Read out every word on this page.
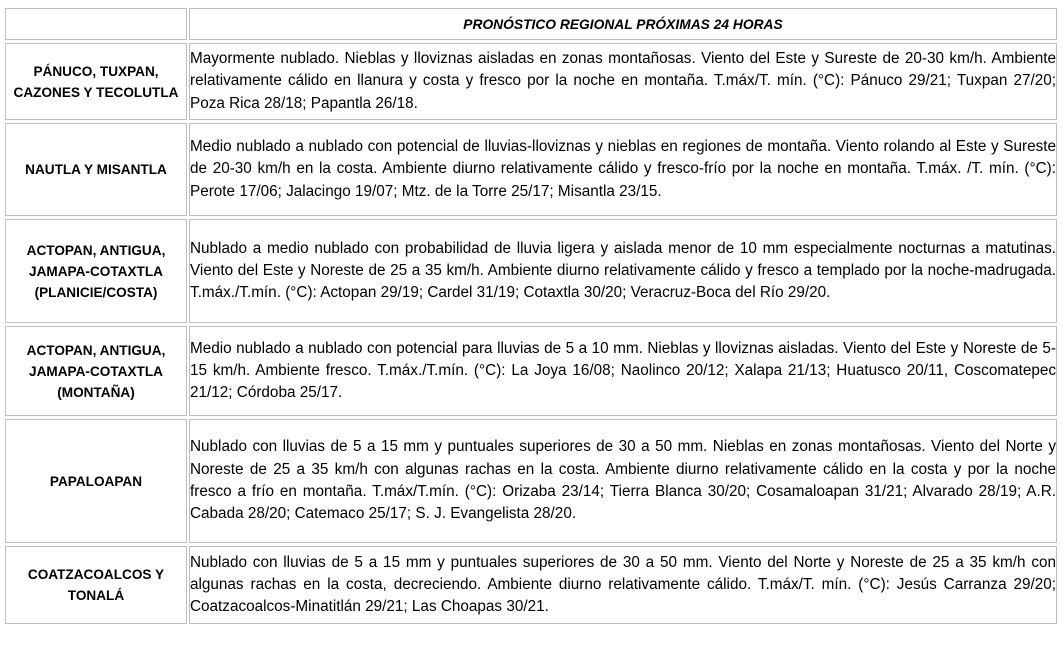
	PRONÓSTICO REGIONAL PRÓXIMAS 24 HORAS
PÁNUCO, TUXPAN, CAZONES Y TECOLUTLA	Mayormente nublado. Nieblas y lloviznas aisladas en zonas montañosas. Viento del Este y Sureste de 20-30 km/h. Ambiente relativamente cálido en llanura y costa y fresco por la noche en montaña. T.máx/T. mín. (°C): Pánuco 29/21; Tuxpan 27/20; Poza Rica 28/18; Papantla 26/18.
NAUTLA Y MISANTLA	Medio nublado a nublado con potencial de lluvias-lloviznas y nieblas en regiones de montaña. Viento rolando al Este y Sureste de 20-30 km/h en la costa. Ambiente diurno relativamente cálido y fresco-frío por la noche en montaña. T.máx. /T. mín. (°C): Perote 17/06; Jalacingo 19/07; Mtz. de la Torre 25/17; Misantla 23/15.
ACTOPAN, ANTIGUA, JAMAPA-COTAXTLA (PLANICIE/COSTA)	Nublado a medio nublado con probabilidad de lluvia ligera y aislada menor de 10 mm especialmente nocturnas a matutinas. Viento del Este y Noreste de 25 a 35 km/h. Ambiente diurno relativamente cálido y fresco a templado por la noche-madrugada. T.máx./T.mín. (°C): Actopan 29/19; Cardel 31/19; Cotaxtla 30/20; Veracruz-Boca del Río 29/20.
ACTOPAN, ANTIGUA, JAMAPA-COTAXTLA (MONTAÑA)	Medio nublado a nublado con potencial para lluvias de 5 a 10 mm. Nieblas y lloviznas aisladas. Viento del Este y Noreste de 5-15 km/h. Ambiente fresco. T.máx./T.mín. (°C): La Joya 16/08; Naolinco 20/12; Xalapa 21/13; Huatusco 20/11, Coscomatepec 21/12; Córdoba 25/17.
PAPALOAPAN	Nublado con lluvias de 5 a 15 mm y puntuales superiores de 30 a 50 mm. Nieblas en zonas montañosas. Viento del Norte y Noreste de 25 a 35 km/h con algunas rachas en la costa. Ambiente diurno relativamente cálido en la costa y por la noche fresco a frío en montaña. T.máx/T.mín. (°C): Orizaba 23/14; Tierra Blanca 30/20; Cosamaloapan 31/21; Alvarado 28/19; A.R. Cabada 28/20; Catemaco 25/17; S. J. Evangelista 28/20.
COATZACOALCOS Y TONALÁ	Nublado con lluvias de 5 a 15 mm y puntuales superiores de 30 a 50 mm. Viento del Norte y Noreste de 25 a 35 km/h con algunas rachas en la costa, decreciendo. Ambiente diurno relativamente cálido. T.máx/T. mín. (°C): Jesús Carranza 29/20; Coatzacoalcos-Minatitlán 29/21; Las Choapas 30/21.
